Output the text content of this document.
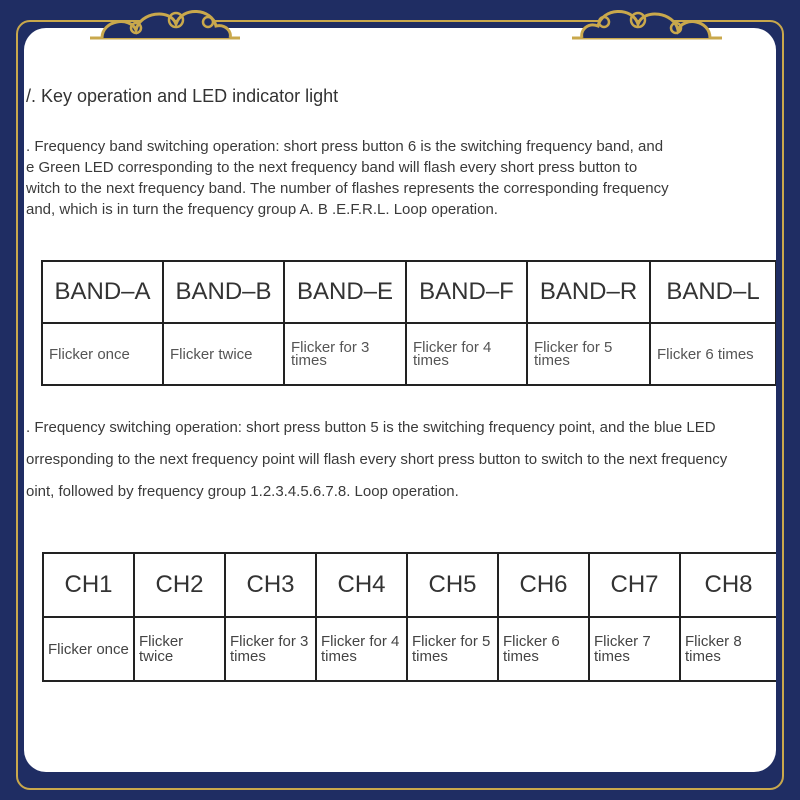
/. Key operation and LED indicator light
. Frequency band switching operation: short press button 6 is the switching frequency band, and
e Green LED corresponding to the next frequency band will flash every short press button to
witch to the next frequency band. The number of flashes represents the corresponding frequency
and, which is in turn the frequency group A. B .E.F.R.L. Loop operation.
BAND–A	BAND–B	BAND–E	BAND–F	BAND–R	BAND–L
Flicker once	Flicker twice	Flicker for 3 times	Flicker for 4 times	Flicker for 5 times	Flicker 6 times
. Frequency switching operation: short press button 5 is the switching frequency point, and the blue LED
orresponding to the next frequency point will flash every short press button to switch to the next frequency
oint, followed by frequency group 1.2.3.4.5.6.7.8. Loop operation.
CH1	CH2	CH3	CH4	CH5	CH6	CH7	CH8
Flicker once	Flicker twice	Flicker for 3 times	Flicker for 4 times	Flicker for 5 times	Flicker 6 times	Flicker 7 times	Flicker 8 times
